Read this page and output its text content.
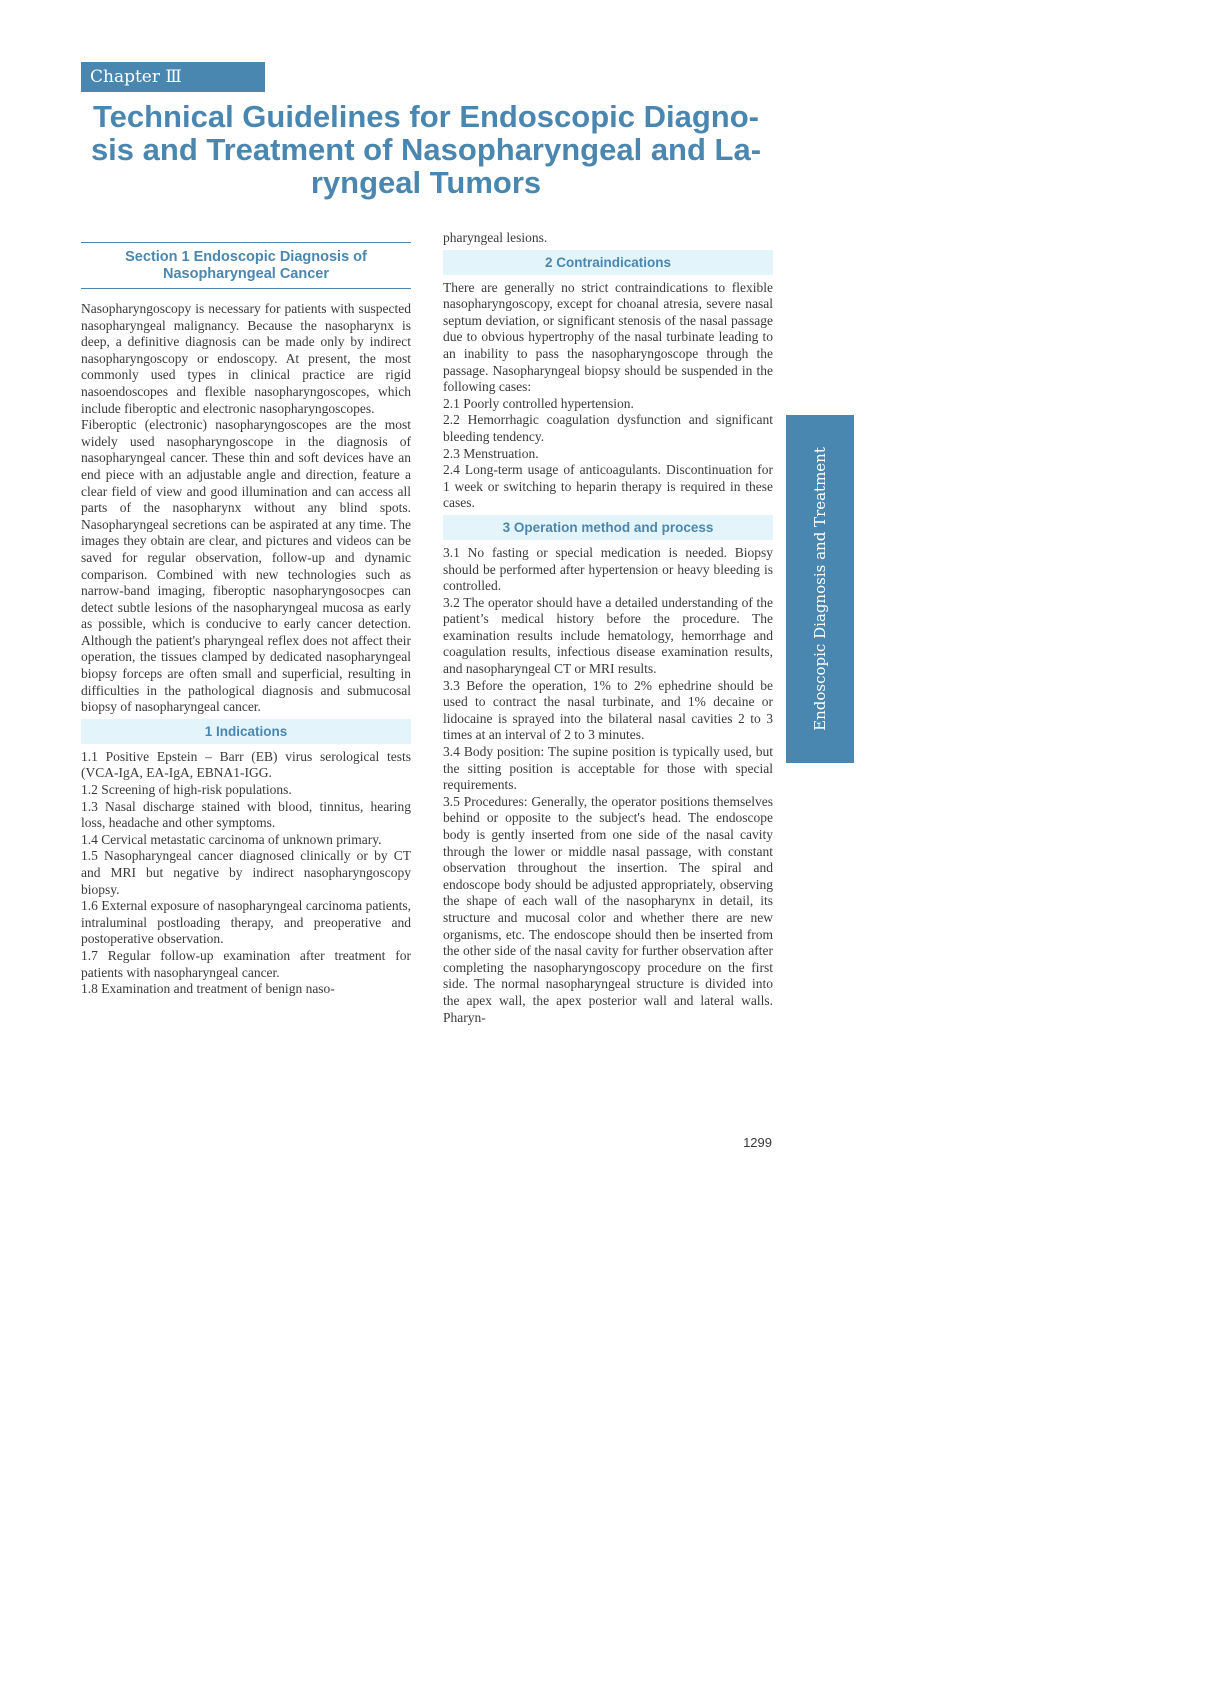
Chapter Ⅲ
Technical Guidelines for Endoscopic Diagno- sis and Treatment of Nasopharyngeal and La- ryngeal Tumors
Section 1 Endoscopic Diagnosis of Nasopharyngeal Cancer

Nasopharyngoscopy is necessary for patients with suspected nasopharyngeal malignancy. Because the nasopharynx is deep, a definitive diagnosis can be made only by indirect nasopharyngoscopy or endoscopy. At present, the most commonly used types in clinical practice are rigid nasoendoscopes and flexible nasopharyngoscopes, which include fiberoptic and electronic nasopharyngoscopes.

Fiberoptic (electronic) nasopharyngoscopes are the most widely used nasopharyngoscope in the diagnosis of nasopharyngeal cancer. These thin and soft devices have an end piece with an adjustable angle and direction, feature a clear field of view and good illumination and can access all parts of the nasopharynx without any blind spots. Nasopharyngeal secretions can be aspirated at any time. The images they obtain are clear, and pictures and videos can be saved for regular observation, follow-up and dynamic comparison. Combined with new technologies such as narrow-band imaging, fiberoptic nasopharyngosocpes can detect subtle lesions of the nasopharyngeal mucosa as early as possible, which is conducive to early cancer detection. Although the patient's pharyngeal reflex does not affect their operation, the tissues clamped by dedicated nasopharyngeal biopsy forceps are often small and superficial, resulting in difficulties in the pathological diagnosis and submucosal biopsy of nasopharyngeal cancer.

1 Indications

1.1 Positive Epstein – Barr (EB) virus serological tests (VCA-IgA, EA-IgA, EBNA1-IGG.

1.2 Screening of high-risk populations.

1.3 Nasal discharge stained with blood, tinnitus, hearing loss, headache and other symptoms.

1.4 Cervical metastatic carcinoma of unknown primary.

1.5 Nasopharyngeal cancer diagnosed clinically or by CT and MRI but negative by indirect nasopharyngoscopy biopsy.

1.6 External exposure of nasopharyngeal carcinoma patients, intraluminal postloading therapy, and preoperative and postoperative observation.

1.7 Regular follow-up examination after treatment for patients with nasopharyngeal cancer.

1.8 Examination and treatment of benign naso-

pharyngeal lesions.

2 Contraindications

There are generally no strict contraindications to flexible nasopharyngoscopy, except for choanal atresia, severe nasal septum deviation, or significant stenosis of the nasal passage due to obvious hypertrophy of the nasal turbinate leading to an inability to pass the nasopharyngoscope through the passage. Nasopharyngeal biopsy should be suspended in the following cases:

2.1 Poorly controlled hypertension.

2.2 Hemorrhagic coagulation dysfunction and significant bleeding tendency.

2.3 Menstruation.

2.4 Long-term usage of anticoagulants. Discontinuation for 1 week or switching to heparin therapy is required in these cases.

3 Operation method and process

3.1 No fasting or special medication is needed. Biopsy should be performed after hypertension or heavy bleeding is controlled.

3.2 The operator should have a detailed understanding of the patient’s medical history before the procedure. The examination results include hematology, hemorrhage and coagulation results, infectious disease examination results, and nasopharyngeal CT or MRI results.

3.3 Before the operation, 1% to 2% ephedrine should be used to contract the nasal turbinate, and 1% decaine or lidocaine is sprayed into the bilateral nasal cavities 2 to 3 times at an interval of 2 to 3 minutes.

3.4 Body position: The supine position is typically used, but the sitting position is acceptable for those with special requirements.

3.5 Procedures: Generally, the operator positions themselves behind or opposite to the subject's head. The endoscope body is gently inserted from one side of the nasal cavity through the lower or middle nasal passage, with constant observation throughout the insertion. The spiral and endoscope body should be adjusted appropriately, observing the shape of each wall of the nasopharynx in detail, its structure and mucosal color and whether there are new organisms, etc. The endoscope should then be inserted from the other side of the nasal cavity for further observation after completing the nasopharyngoscopy procedure on the first side. The normal nasopharyngeal structure is divided into the apex wall, the apex posterior wall and lateral walls. Pharyn-

Endoscopic Diagnosis and Treatment
1299
